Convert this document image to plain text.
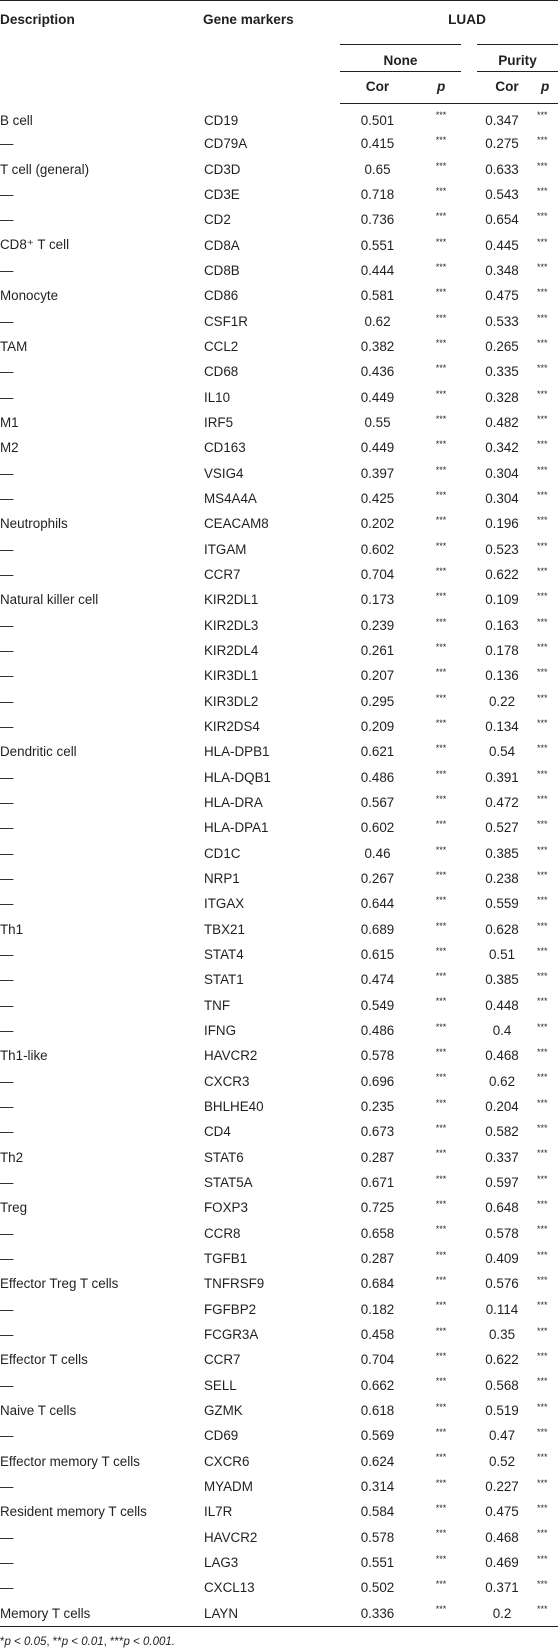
Description	Gene markers	LUAD			

		None		Purity	

		Cor	p	Cor	p

B cell	CD19	0.501	***	0.347	***
—	CD79A	0.415	***	0.275	***
T cell (general)	CD3D	0.65	***	0.633	***
—	CD3E	0.718	***	0.543	***
—	CD2	0.736	***	0.654	***
CD8⁺ T cell	CD8A	0.551	***	0.445	***
—	CD8B	0.444	***	0.348	***
Monocyte	CD86	0.581	***	0.475	***
—	CSF1R	0.62	***	0.533	***
TAM	CCL2	0.382	***	0.265	***
—	CD68	0.436	***	0.335	***
—	IL10	0.449	***	0.328	***
M1	IRF5	0.55	***	0.482	***
M2	CD163	0.449	***	0.342	***
—	VSIG4	0.397	***	0.304	***
—	MS4A4A	0.425	***	0.304	***
Neutrophils	CEACAM8	0.202	***	0.196	***
—	ITGAM	0.602	***	0.523	***
—	CCR7	0.704	***	0.622	***
Natural killer cell	KIR2DL1	0.173	***	0.109	***
—	KIR2DL3	0.239	***	0.163	***
—	KIR2DL4	0.261	***	0.178	***
—	KIR3DL1	0.207	***	0.136	***
—	KIR3DL2	0.295	***	0.22	***
—	KIR2DS4	0.209	***	0.134	***
Dendritic cell	HLA-DPB1	0.621	***	0.54	***
—	HLA-DQB1	0.486	***	0.391	***
—	HLA-DRA	0.567	***	0.472	***
—	HLA-DPA1	0.602	***	0.527	***
—	CD1C	0.46	***	0.385	***
—	NRP1	0.267	***	0.238	***
—	ITGAX	0.644	***	0.559	***
Th1	TBX21	0.689	***	0.628	***
—	STAT4	0.615	***	0.51	***
—	STAT1	0.474	***	0.385	***
—	TNF	0.549	***	0.448	***
—	IFNG	0.486	***	0.4	***
Th1-like	HAVCR2	0.578	***	0.468	***
—	CXCR3	0.696	***	0.62	***
—	BHLHE40	0.235	***	0.204	***
—	CD4	0.673	***	0.582	***
Th2	STAT6	0.287	***	0.337	***
—	STAT5A	0.671	***	0.597	***
Treg	FOXP3	0.725	***	0.648	***
—	CCR8	0.658	***	0.578	***
—	TGFB1	0.287	***	0.409	***
Effector Treg T cells	TNFRSF9	0.684	***	0.576	***
—	FGFBP2	0.182	***	0.114	***
—	FCGR3A	0.458	***	0.35	***
Effector T cells	CCR7	0.704	***	0.622	***
—	SELL	0.662	***	0.568	***
Naive T cells	GZMK	0.618	***	0.519	***
—	CD69	0.569	***	0.47	***
Effector memory T cells	CXCR6	0.624	***	0.52	***
—	MYADM	0.314	***	0.227	***
Resident memory T cells	IL7R	0.584	***	0.475	***
—	HAVCR2	0.578	***	0.468	***
—	LAG3	0.551	***	0.469	***
—	CXCL13	0.502	***	0.371	***
Memory T cells	LAYN	0.336	***	0.2	***
*p < 0.05, **p < 0.01, ***p < 0.001.
